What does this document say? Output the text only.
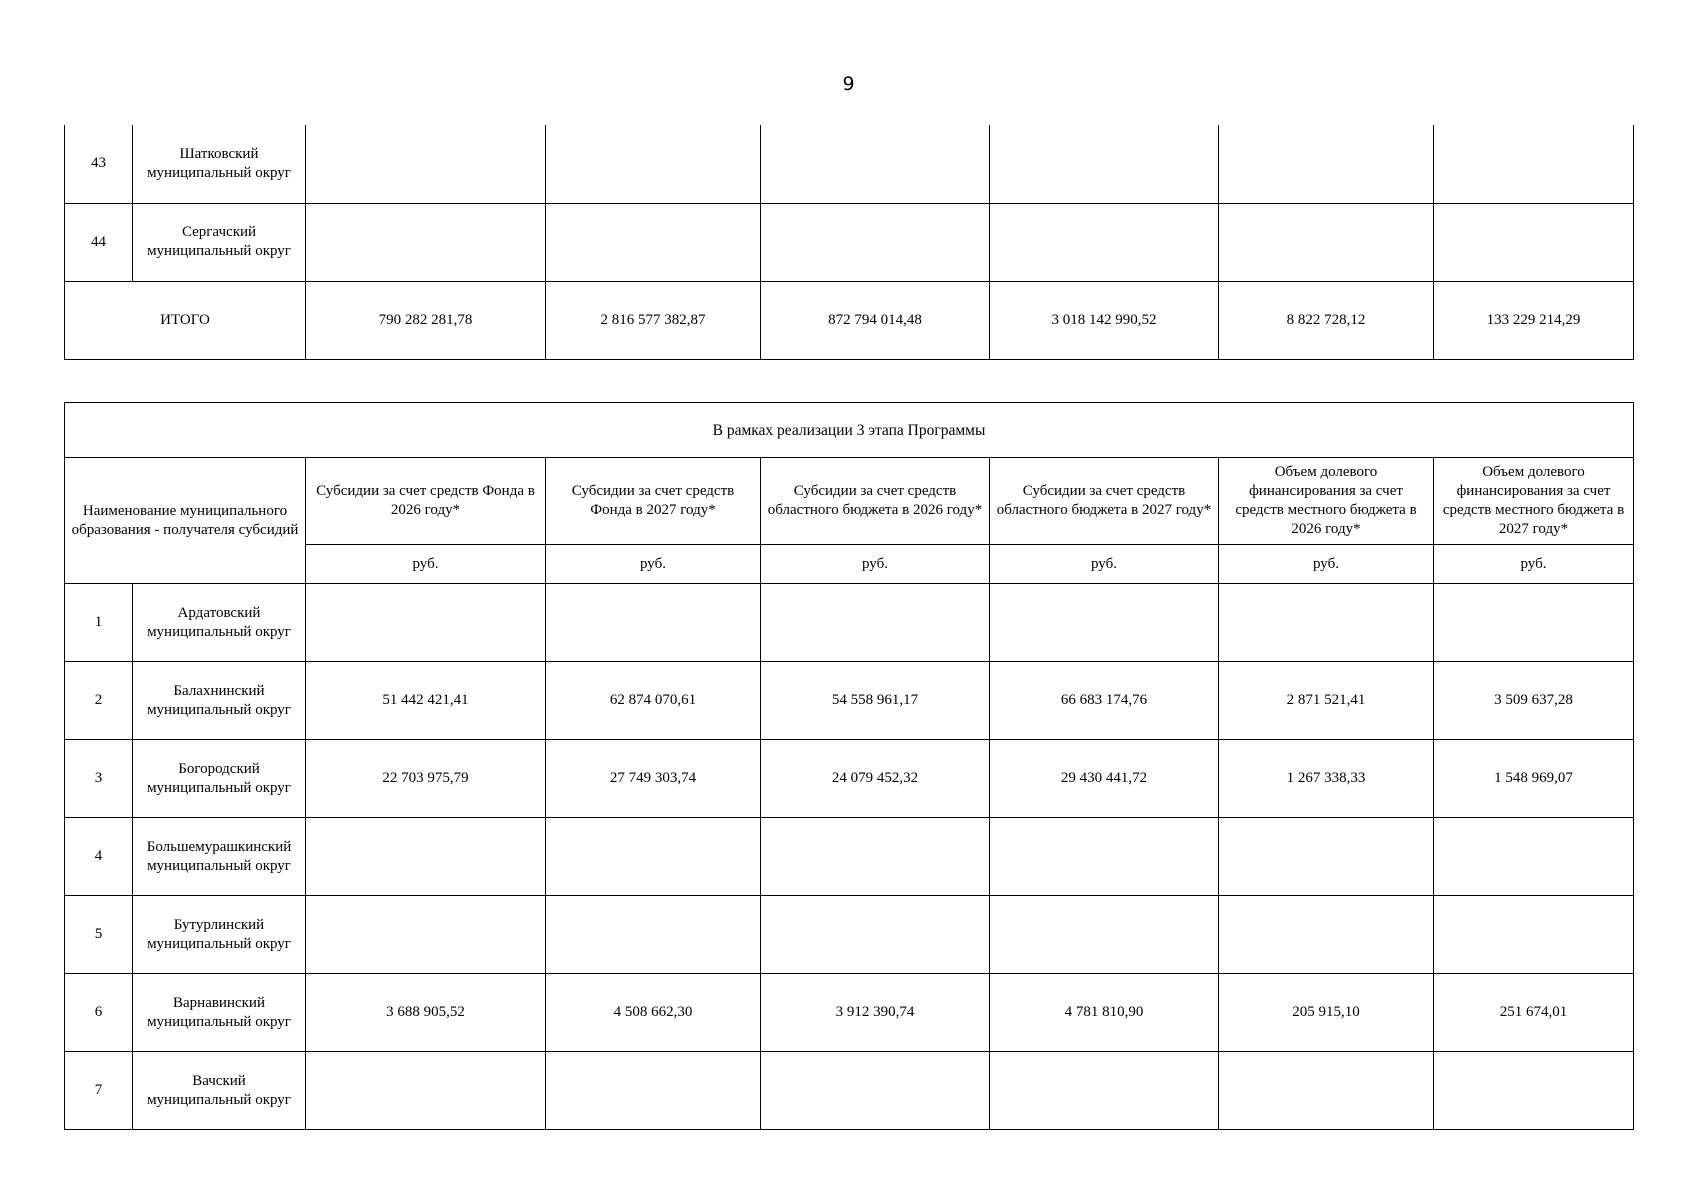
9
43	Шатковский муниципальный округ						
44	Сергачский муниципальный округ						
ИТОГО		790 282 281,78	2 816 577 382,87	872 794 014,48	3 018 142 990,52	8 822 728,12	133 229 214,29
В рамках реализации 3 этапа Программы							
Наименование муниципального образования - получателя субсидий		Субсидии за счет средств Фонда в 2026 году*	Субсидии за счет средств Фонда в 2027 году*	Субсидии за счет средств областного бюджета в 2026 году*	Субсидии за счет средств областного бюджета в 2027 году*	Объем долевого финансирования за счет средств местного бюджета в 2026 году*	Объем долевого финансирования за счет средств местного бюджета в 2027 году*
		руб.	руб.	руб.	руб.	руб.	руб.
1	Ардатовский муниципальный округ						
2	Балахнинский муниципальный округ	51 442 421,41	62 874 070,61	54 558 961,17	66 683 174,76	2 871 521,41	3 509 637,28
3	Богородский муниципальный округ	22 703 975,79	27 749 303,74	24 079 452,32	29 430 441,72	1 267 338,33	1 548 969,07
4	Большемурашкинский муниципальный округ						
5	Бутурлинский муниципальный округ						
6	Варнавинский муниципальный округ	3 688 905,52	4 508 662,30	3 912 390,74	4 781 810,90	205 915,10	251 674,01
7	Вачский муниципальный округ						
